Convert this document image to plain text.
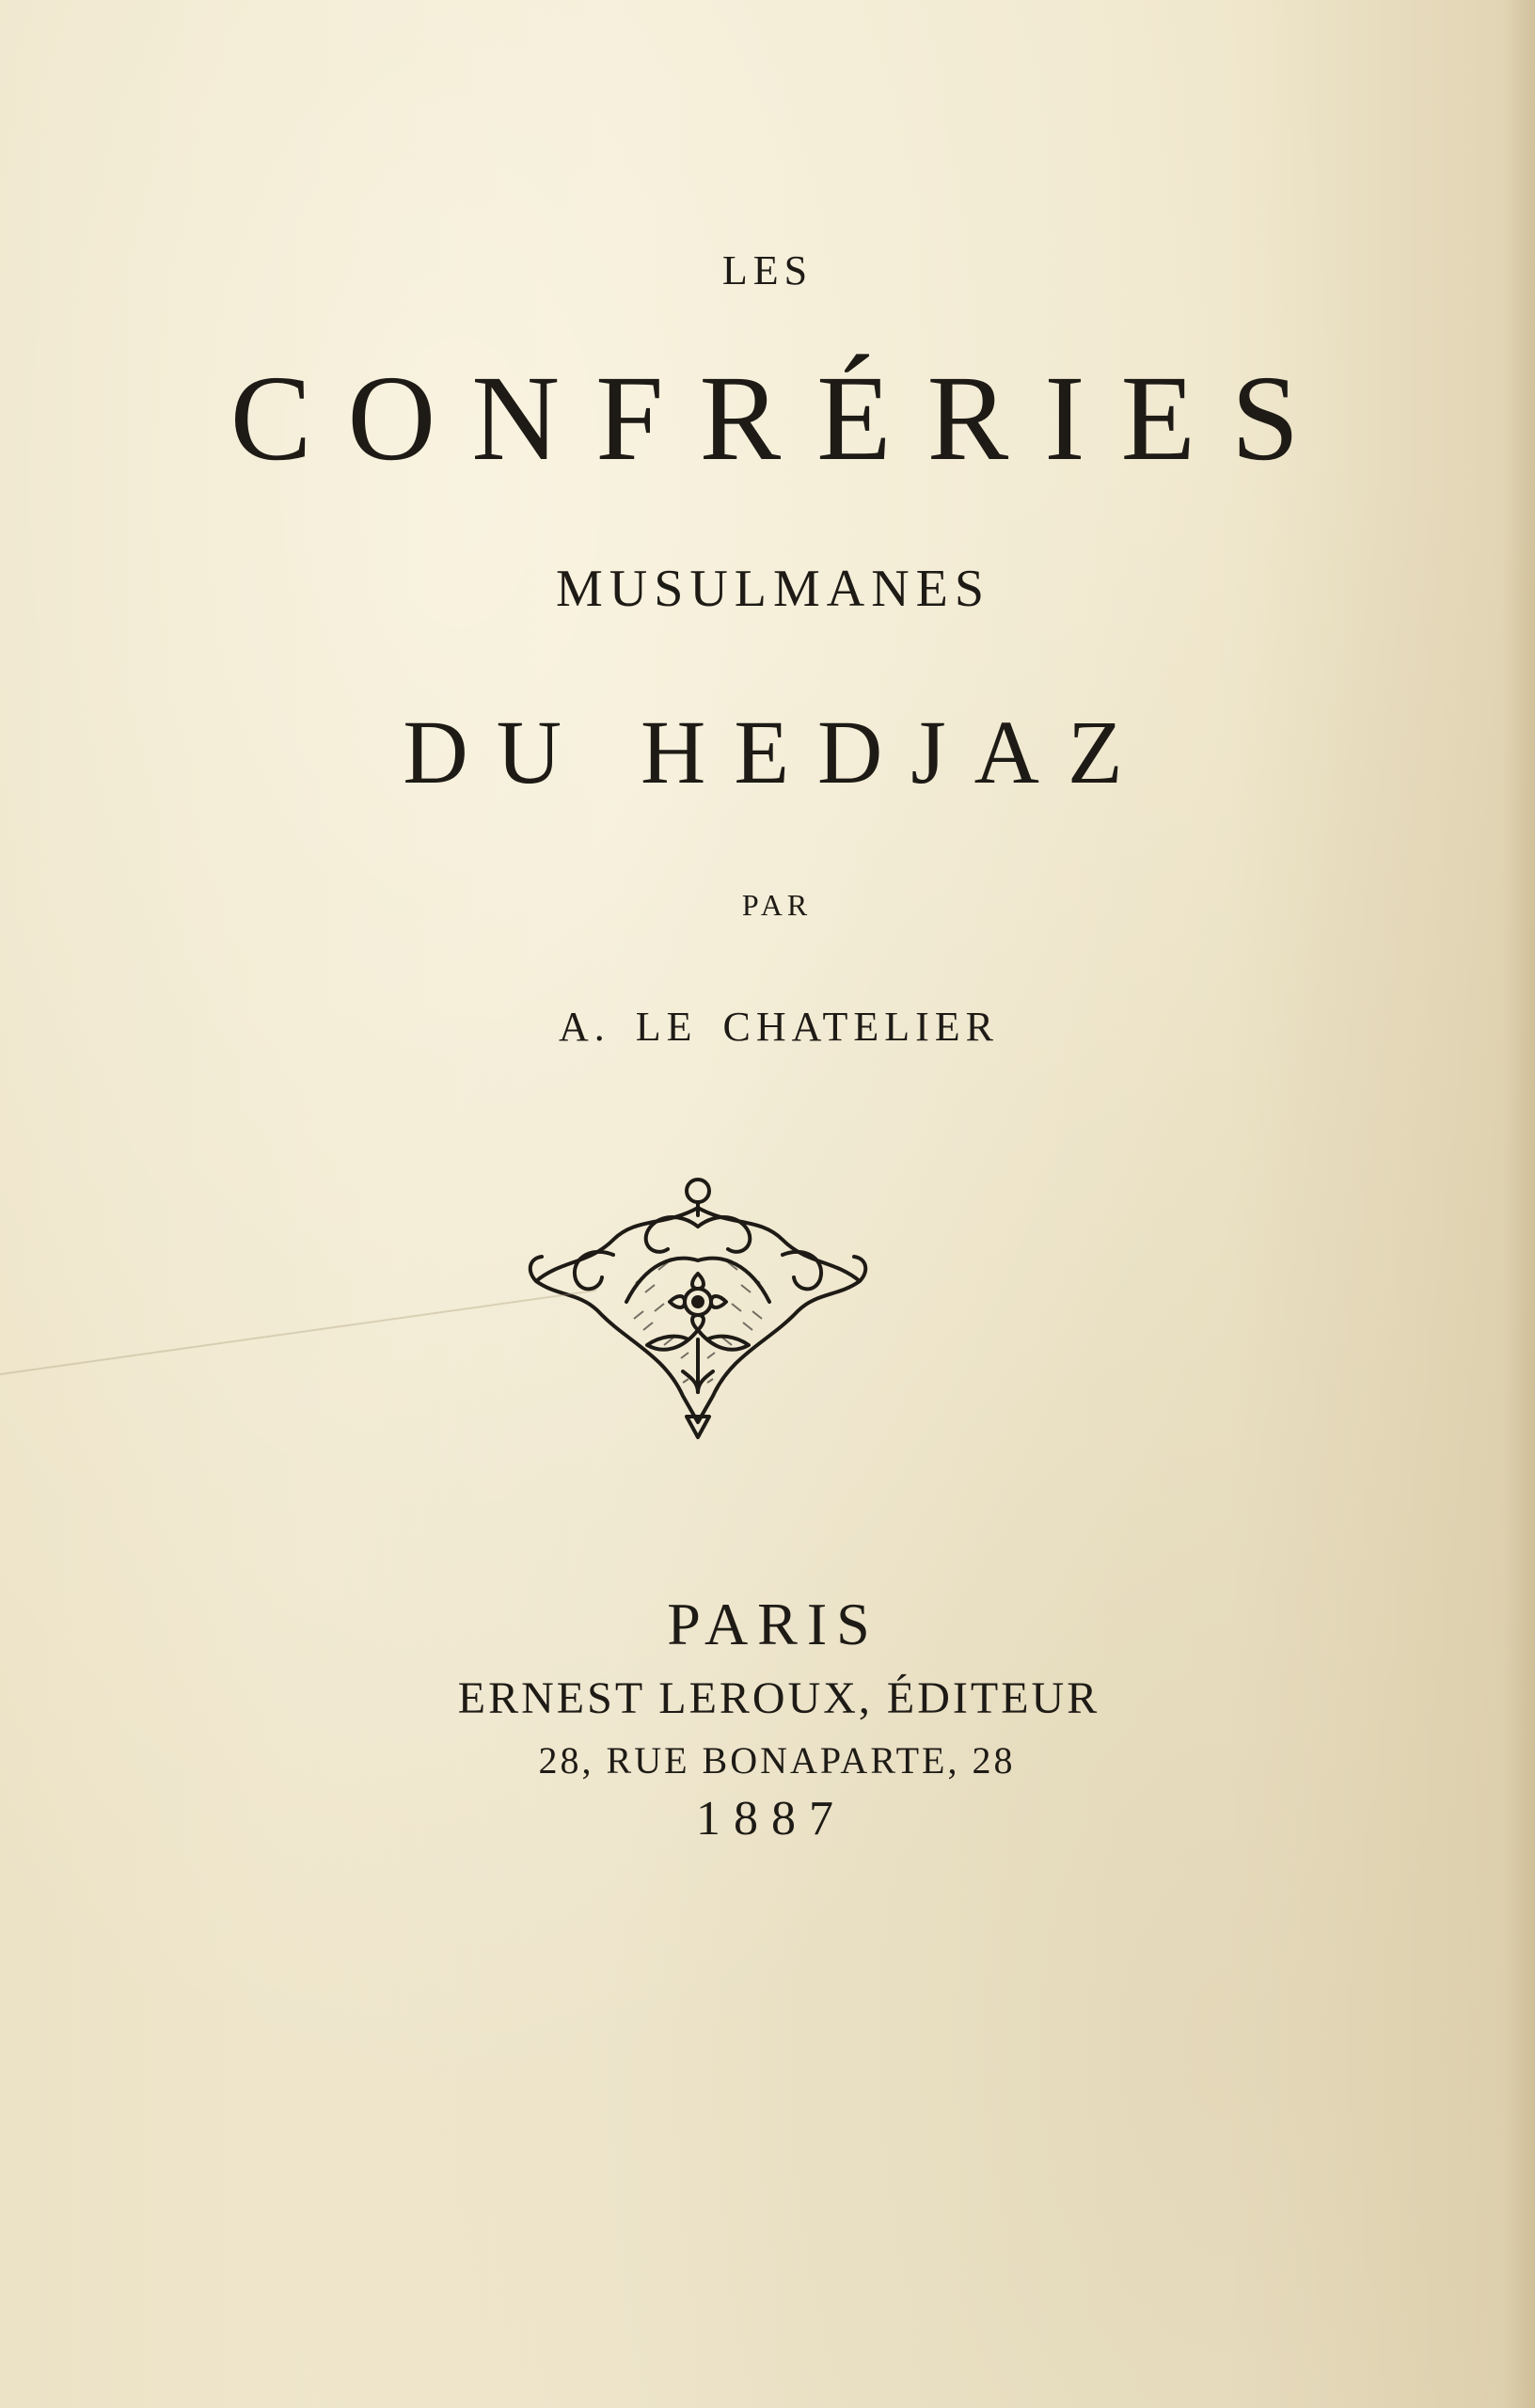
LES
CONFRÉRIES
MUSULMANES
DU HEDJAZ
PAR
A. LE CHATELIER
PARIS
ERNEST LEROUX, ÉDITEUR
28, RUE BONAPARTE, 28
1887
